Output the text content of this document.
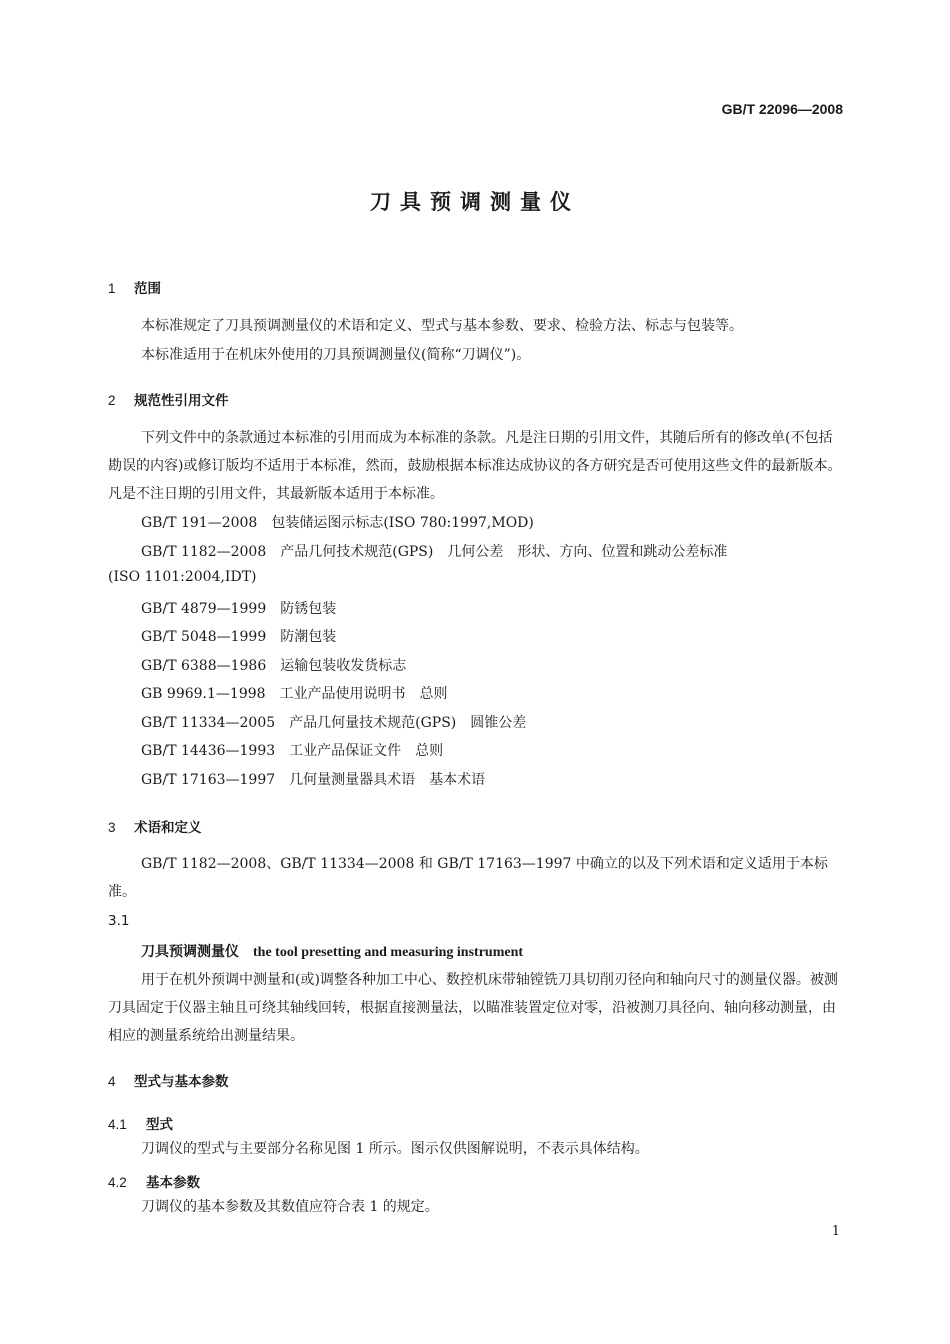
GB/T 22096—2008
刀具预调测量仪
1 范围
本标准规定了刀具预调测量仪的术语和定义、型式与基本参数、要求、检验方法、标志与包装等。
本标准适用于在机床外使用的刀具预调测量仪(简称“刀调仪”)。
2 规范性引用文件
下列文件中的条款通过本标准的引用而成为本标准的条款。凡是注日期的引用文件，其随后所有的修改单(不包括勘误的内容)或修订版均不适用于本标准，然而，鼓励根据本标准达成协议的各方研究是否可使用这些文件的最新版本。凡是不注日期的引用文件，其最新版本适用于本标准。
GB/T 191—2008　包装储运图示标志(ISO 780:1997,MOD)
GB/T 1182—2008　产品几何技术规范(GPS)　几何公差　形状、方向、位置和跳动公差标准
(ISO 1101:2004,IDT)
GB/T 4879—1999　防锈包装
GB/T 5048—1999　防潮包装
GB/T 6388—1986　运输包装收发货标志
GB 9969.1—1998　工业产品使用说明书　总则
GB/T 11334—2005　产品几何量技术规范(GPS)　圆锥公差
GB/T 14436—1993　工业产品保证文件　总则
GB/T 17163—1997　几何量测量器具术语　基本术语
3 术语和定义
GB/T 1182—2008、GB/T 11334—2008 和 GB/T 17163—1997 中确立的以及下列术语和定义适用于本标准。
3.1
刀具预调测量仪 the tool presetting and measuring instrument
用于在机外预调中测量和(或)调整各种加工中心、数控机床带轴镗铣刀具切削刃径向和轴向尺寸的测量仪器。被测刀具固定于仪器主轴且可绕其轴线回转，根据直接测量法，以瞄准装置定位对零，沿被测刀具径向、轴向移动测量，由相应的测量系统给出测量结果。
4 型式与基本参数
4.1 型式
刀调仪的型式与主要部分名称见图 1 所示。图示仅供图解说明，不表示具体结构。
4.2 基本参数
刀调仪的基本参数及其数值应符合表 1 的规定。
1
